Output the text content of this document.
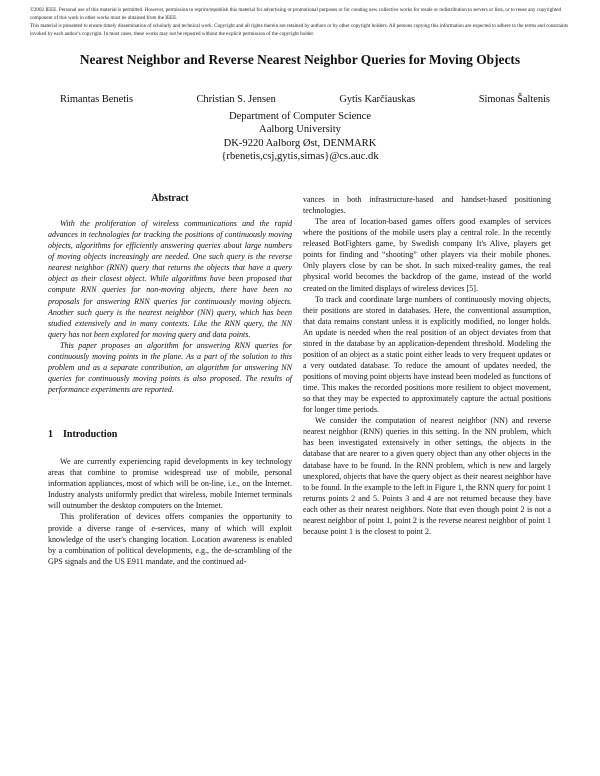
©2002 IEEE. Personal use of this material is permitted. However, permission to reprint/republish this material for advertising or promotional purposes or for creating new collective works for resale or redistribution to servers or lists, or to reuse any copyrighted component of this work in other works must be obtained from the IEEE.

This material is presented to ensure timely dissemination of scholarly and technical work. Copyright and all rights therein are retained by authors or by other copyright holders. All persons copying this information are expected to adhere to the terms and constraints invoked by each author's copyright. In most cases, these works may not be reposted without the explicit permission of the copyright holder.

Nearest Neighbor and Reverse Nearest Neighbor Queries for Moving Objects
Rimantas Benetis	Christian S. Jensen	Gytis Karčiauskas	Simonas Šaltenis
Department of Computer Science
Aalborg University
DK-9220 Aalborg Øst, DENMARK
{rbenetis,csj,gytis,simas}@cs.auc.dk
Abstract

With the proliferation of wireless communications and the rapid advances in technologies for tracking the positions of continuously moving objects, algorithms for efficiently answering queries about large numbers of moving objects increasingly are needed. One such query is the reverse nearest neighbor (RNN) query that returns the objects that have a query object as their closest object. While algorithms have been proposed that compute RNN queries for non-moving objects, there have been no proposals for answering RNN queries for continuously moving objects. Another such query is the nearest neighbor (NN) query, which has been studied extensively and in many contexts. Like the RNN query, the NN query has not been explored for moving query and data points.

This paper proposes an algorithm for answering RNN queries for continuously moving points in the plane. As a part of the solution to this problem and as a separate contribution, an algorithm for answering NN queries for continuously moving points is also proposed. The results of performance experiments are reported.

1 Introduction

We are currently experiencing rapid developments in key technology areas that combine to promise widespread use of mobile, personal information appliances, most of which will be on-line, i.e., on the Internet. Industry analysts uniformly predict that wireless, mobile Internet terminals will outnumber the desktop computers on the Internet.

This proliferation of devices offers companies the opportunity to provide a diverse range of e-services, many of which will exploit knowledge of the user's changing location. Location awareness is enabled by a combination of political developments, e.g., the de-scrambling of the GPS signals and the US E911 mandate, and the continued ad-

vances in both infrastructure-based and handset-based positioning technologies.

The area of location-based games offers good examples of services where the positions of the mobile users play a central role. In the recently released BotFighters game, by Swedish company It's Alive, players get points for finding and “shooting” other players via their mobile phones. Only players close by can be shot. In such mixed-reality games, the real physical world becomes the backdrop of the game, instead of the world created on the limited displays of wireless devices [5].

To track and coordinate large numbers of continuously moving objects, their positions are stored in databases. Here, the conventional assumption, that data remains constant unless it is explicitly modified, no longer holds. An update is needed when the real position of an object deviates from that stored in the database by an application-dependent threshold. Modeling the position of an object as a static point either leads to very frequent updates or a very outdated database. To reduce the amount of updates needed, the positions of moving point objects have instead been modeled as functions of time. This makes the recorded positions more resilient to object movement, so that they may be expected to approximately capture the actual positions for longer time periods.

We consider the computation of nearest neighbor (NN) and reverse nearest neighbor (RNN) queries in this setting. In the NN problem, which has been investigated extensively in other settings, the objects in the database that are nearer to a given query object than any other objects in the database have to be found. In the RNN problem, which is new and largely unexplored, objects that have the query object as their nearest neighbor have to be found. In the example to the left in Figure 1, the RNN query for point 1 returns points 2 and 5. Points 3 and 4 are not returned because they have each other as their nearest neighbors. Note that even though point 2 is not a nearest neighbor of point 1, point 2 is the reverse nearest neighbor of point 1 because point 1 is the closest to point 2.
